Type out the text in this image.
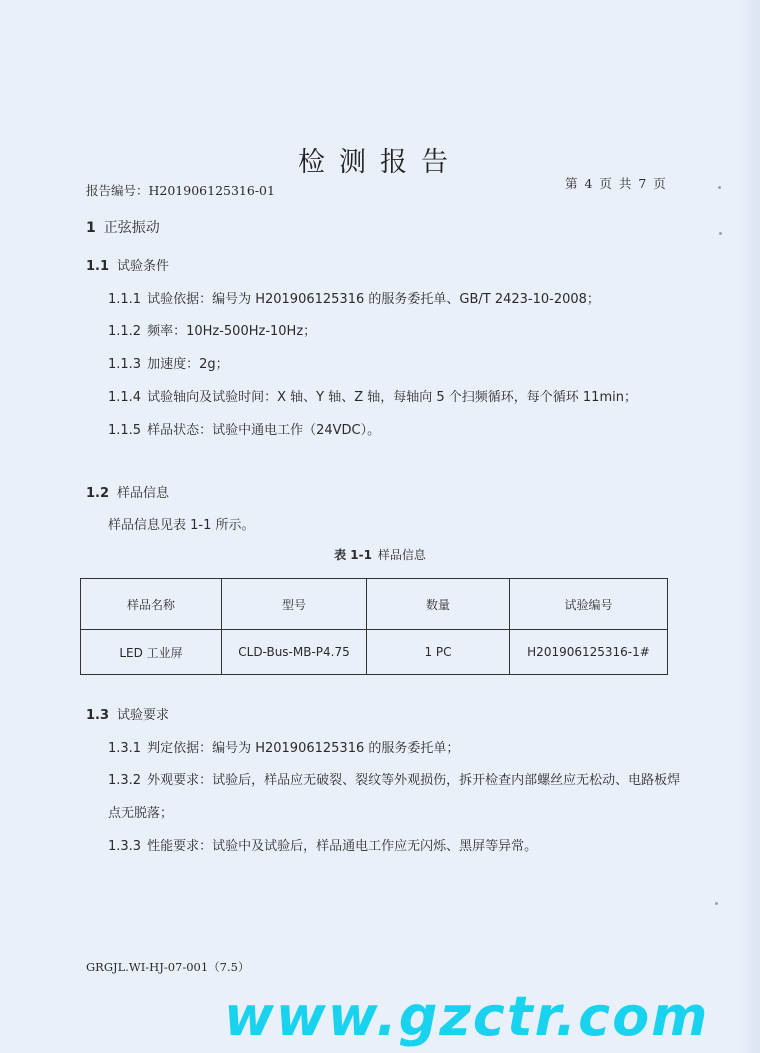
检测报告
报告编号：H201906125316-01	第 4 页 共 7 页
1 正弦振动
1.1 试验条件
1.1.1 试验依据：编号为 H201906125316 的服务委托单、GB/T 2423-10-2008；
1.1.2 频率：10Hz-500Hz-10Hz；
1.1.3 加速度：2g；
1.1.4 试验轴向及试验时间：X 轴、Y 轴、Z 轴，每轴向 5 个扫频循环，每个循环 11min；
1.1.5 样品状态：试验中通电工作（24VDC）。
1.2 样品信息
样品信息见表 1-1 所示。
表 1-1 样品信息
样品名称	型号	数量	试验编号
LED 工业屏	CLD-Bus-MB-P4.75	1 PC	H201906125316-1#
1.3 试验要求
1.3.1 判定依据：编号为 H201906125316 的服务委托单；
1.3.2 外观要求：试验后，样品应无破裂、裂纹等外观损伤，拆开检查内部螺丝应无松动、电路板焊
点无脱落；
1.3.3 性能要求：试验中及试验后，样品通电工作应无闪烁、黑屏等异常。
GRGJL.WI-HJ-07-001（7.5）
www.gzctr.com
